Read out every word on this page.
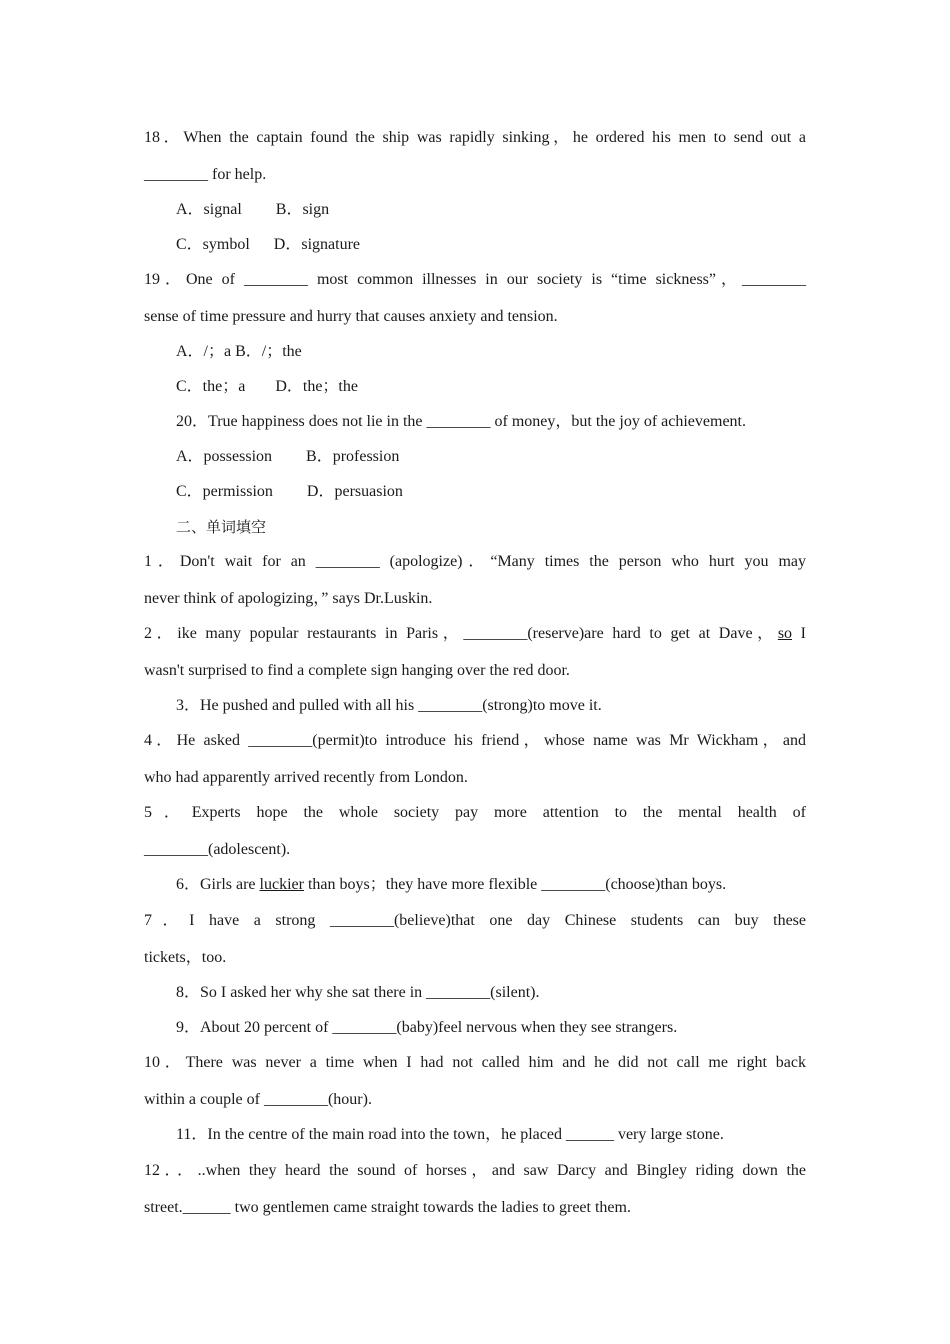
18．When the captain found the ship was rapidly sinking，he ordered his men to send out a
________ for help.
A．signal B．sign
C．symbol D．signature
19．One of ________ most common illnesses in our society is “time sickness”，________
sense of time pressure and hurry that causes anxiety and tension.
A．/；a B．/；the
C．the；a D．the；the
20．True happiness does not lie in the ________ of money，but the joy of achievement.
A．possession B．profession
C．permission D．persuasion
二、单词填空
1．Don't wait for an ________ (apologize)．“Many times the person who hurt you may
never think of apologizing，” says Dr.Luskin.
2．ike many popular restaurants in Paris，________(reserve)are hard to get at Dave，so I
wasn't surprised to find a complete sign hanging over the red door.
3．He pushed and pulled with all his ________(strong)to move it.
4．He asked ________(permit)to introduce his friend，whose name was Mr Wickham，and
who had apparently arrived recently from London.
5．Experts hope the whole society pay more attention to the mental health of
________(adolescent).
6．Girls are luckier than boys；they have more flexible ________(choose)than boys.
7．I have a strong ________(believe)that one day Chinese students can buy these
tickets，too.
8．So I asked her why she sat there in ________(silent).
9．About 20 percent of ________(baby)feel nervous when they see strangers.
10．There was never a time when I had not called him and he did not call me right back
within a couple of ________(hour).
11．In the centre of the main road into the town，he placed ______ very large stone.
12．．..when they heard the sound of horses，and saw Darcy and Bingley riding down the
street.______ two gentlemen came straight towards the ladies to greet them.
